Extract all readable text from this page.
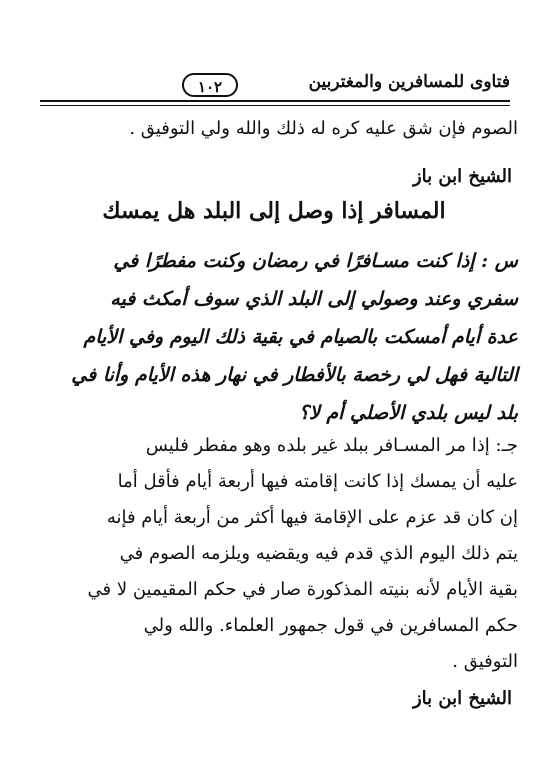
فتاوى للمسافرين والمغتربين
١٠٢
الصوم فإن شق عليه كره له ذلك والله ولي التوفيق .
الشيخ ابن باز
المسافر إذا وصل إلى البلد هل يمسك
س : إذا كنت مسـافرًا في رمضان وكنت مفطرًا في
سفري وعند وصولي إلى البلد الذي سوف أمكث فيه
عدة أيام أمسكت بالصيام في بقية ذلك اليوم وفي الأيام
التالية فهل لي رخصة بالأفطار في نهار هذه الأيام وأنا في
بلد ليس بلدي الأصلي أم لا؟
جـ: إذا مر المسـافر ببلد غير بلده وهو مفطر فليس
عليه أن يمسك إذا كانت إقامته فيها أربعة أيام فأقل أما
إن كان قد عزم على الإقامة فيها أكثر من أربعة أيام فإنه
يتم ذلك اليوم الذي قدم فيه ويقضيه ويلزمه الصوم في
بقية الأيام لأنه بنيته المذكورة صار في حكم المقيمين لا في
حكم المسافرين في قول جمهور العلماء. والله ولي
التوفيق .
الشيخ ابن باز
